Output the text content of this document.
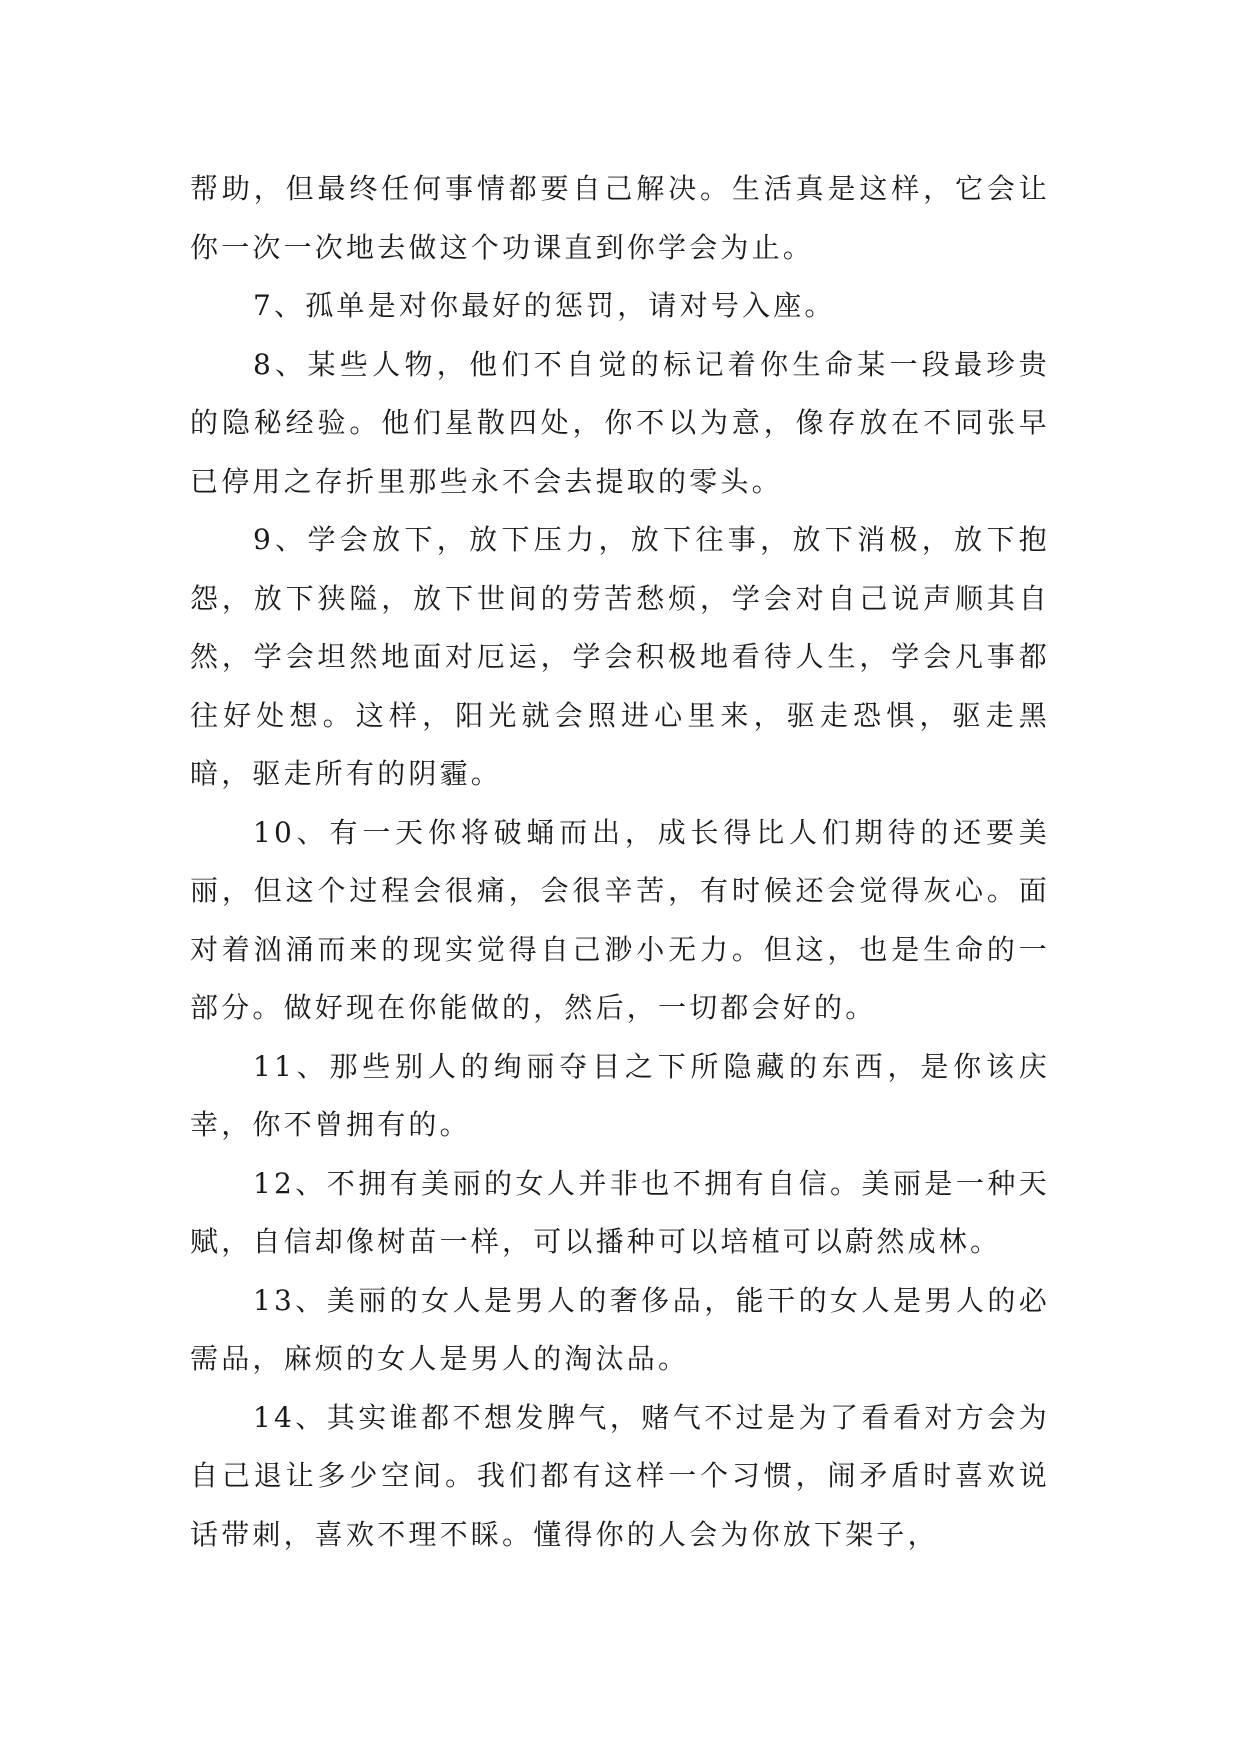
帮助，但最终任何事情都要自己解决。生活真是这样，它会让你一次一次地去做这个功课直到你学会为止。

7、孤单是对你最好的惩罚，请对号入座。

8、某些人物，他们不自觉的标记着你生命某一段最珍贵的隐秘经验。他们星散四处，你不以为意，像存放在不同张早已停用之存折里那些永不会去提取的零头。

9、学会放下，放下压力，放下往事，放下消极，放下抱怨，放下狭隘，放下世间的劳苦愁烦，学会对自己说声顺其自然，学会坦然地面对厄运，学会积极地看待人生，学会凡事都往好处想。这样，阳光就会照进心里来，驱走恐惧，驱走黑暗，驱走所有的阴霾。

10、有一天你将破蛹而出，成长得比人们期待的还要美丽，但这个过程会很痛，会很辛苦，有时候还会觉得灰心。面对着汹涌而来的现实觉得自己渺小无力。但这，也是生命的一部分。做好现在你能做的，然后，一切都会好的。

11、那些别人的绚丽夺目之下所隐藏的东西，是你该庆幸，你不曾拥有的。

12、不拥有美丽的女人并非也不拥有自信。美丽是一种天赋，自信却像树苗一样，可以播种可以培植可以蔚然成林。

13、美丽的女人是男人的奢侈品，能干的女人是男人的必需品，麻烦的女人是男人的淘汰品。

14、其实谁都不想发脾气，赌气不过是为了看看对方会为自己退让多少空间。我们都有这样一个习惯，闹矛盾时喜欢说话带刺，喜欢不理不睬。懂得你的人会为你放下架子，
